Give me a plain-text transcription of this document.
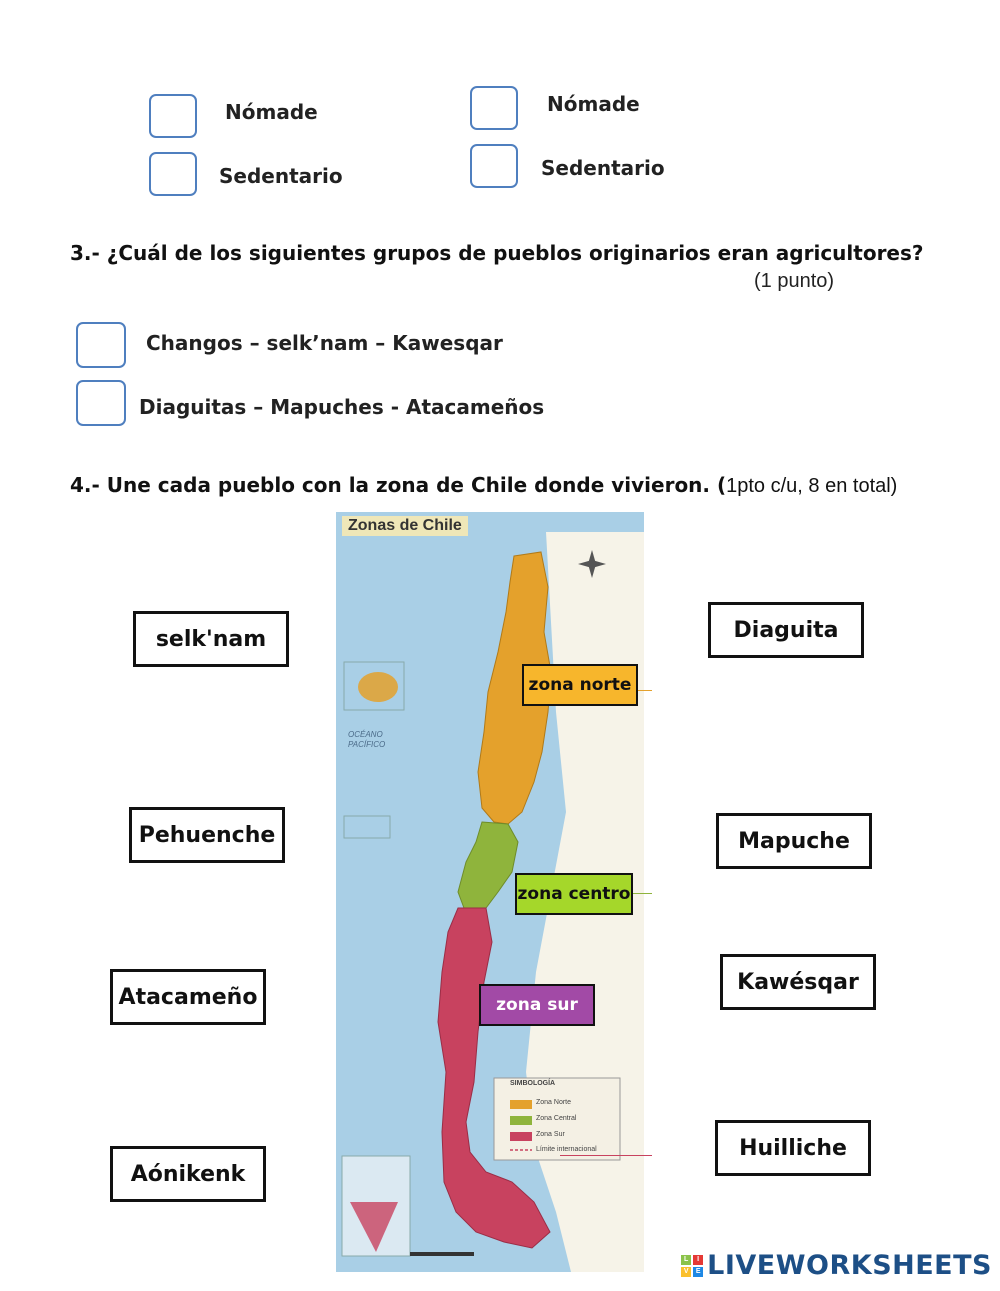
Nómade
Sedentario
Nómade
Sedentario
3.- ¿Cuál de los siguientes grupos de pueblos originarios eran agricultores?
(1 punto)
Changos – selk’nam – Kawesqar
Diaguitas – Mapuches - Atacameños
4.- Une cada pueblo con la zona de Chile donde vivieron. (1pto c/u, 8 en total)
Zonas de Chile
OCÉANO PACÍFICO
SIMBOLOGÍA
Zona Norte
Zona Central
Zona Sur
Límite internacional
zona norte
zona centro
zona sur
selk'nam
Pehuenche
Atacameño
Aónikenk
Diaguita
Mapuche
Kawésqar
Huilliche
L	I
V	E LIVEWORKSHEETS
